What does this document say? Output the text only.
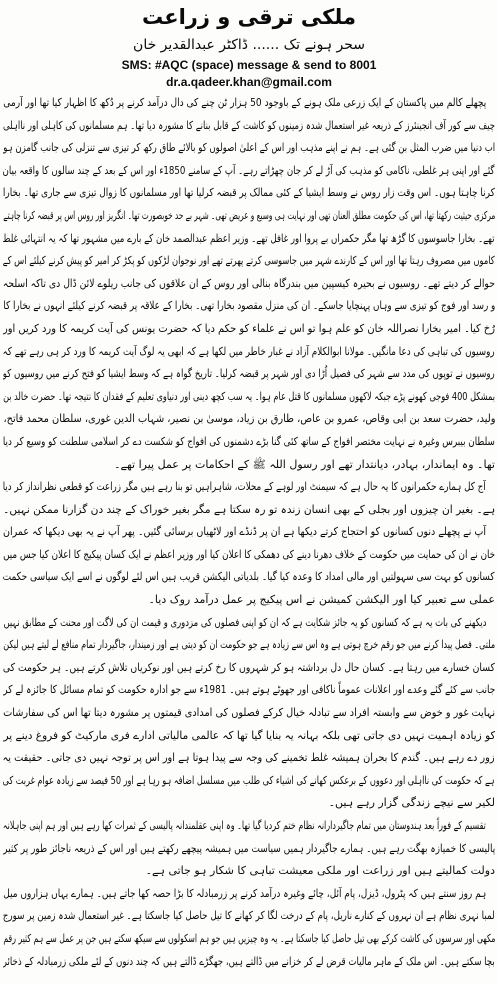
ملکی ترقی و زراعت
سحر ہونے تک ...... ڈاکٹر عبدالقدیر خان
SMS: #AQC (space) message & send to 8001
dr.a.qadeer.khan@gmail.com
پچھلے کالم میں پاکستان کے ایک زرعی ملک ہونے کے باوجود 50 ہزار ٹن چنے کی دال درآمد کرنے پر دُکھ کا اظہار کیا تھا اور آرمی
چیف سے کور آف انجینئرز کے ذریعہ غیر استعمال شدہ زمینوں کو کاشت کے قابل بنانے کا مشورہ دیا تھا۔ ہم مسلمانوں کی کاہلی اور نااہلی
اب دنیا میں ضرب المثل بن گئی ہے۔ ہم نے اپنے مذہب اور اس کے اعلیٰ اصولوں کو بالائے طاق رکھ کر تیزی سے تنزلی کی جانب گامزن ہو
گئے اور اپنی ہر غلطی، ناکامی کو مذہب کی آڑ لے کر جان چھڑاتے رہے۔ آپ کے سامنے 1850ء اور اس کے بعد کے چند سالوں کا واقعہ بیان
کرنا چاہتا ہوں۔ اس وقت زار روس نے وسط ایشیا کے کئی ممالک پر قبضہ کرلیا تھا اور مسلمانوں کا زوال تیزی سے جاری تھا۔ بخارا
مرکزی حیثیت رکھتا تھا، اس کی حکومت مطلق العنان تھی اور نہایت ہی وسیع و عریض تھی۔ شہر بے حد خوبصورت تھا۔ انگریز اور روس اس پر قبضہ کرنا چاہتے
تھے۔ بخارا جاسوسوں کا گڑھ تھا مگر حکمراں بے پروا اور غافل تھے۔ وزیر اعظم عبدالصمد خان کے بارے میں مشہور تھا کہ یہ انتہائی غلط
کاموں میں مصروف رہتا تھا اور اس کے کارندے شہر میں جاسوسی کرتے پھرتے تھے اور نوجوان لڑکوں کو پکڑ کر امیر کو پیش کرنے کیلئے اس کے
حوالے کر دیتے تھے۔ روسیوں نے بحیرہ کیسپین میں بندرگاہ بنالی اور روس کے ان علاقوں کی جانب ریلوے لائن ڈال دی تاکہ اسلحہ
و رسد اور فوج کو تیزی سے وہاں پہنچایا جاسکے۔ ان کی منزل مقصود بخارا تھی۔ بخارا کے علاقہ پر قبضہ کرنے کیلئے انہوں نے بخارا کا
رُخ کیا۔ امیر بخارا نصراللہ خان کو علم ہوا تو اس نے علماء کو حکم دیا کہ حضرت یونس کی آیت کریمہ کا ورد کریں اور
روسیوں کی تباہی کی دعا مانگیں۔ مولانا ابوالکلام آزاد نے غبار خاطر میں لکھا ہے کہ ابھی یہ لوگ آیت کریمہ کا ورد کر ہی رہے تھے کہ
روسیوں نے توپوں کی مدد سے شہر کی فصیل اُڑا دی اور شہر پر قبضہ کرلیا۔ تاریخ گواہ ہے کہ وسط ایشیا کو فتح کرنے میں روسیوں کو
بمشکل 400 فوجی کھونے پڑے جبکہ لاکھوں مسلمانوں کا قتل عام ہوا۔ یہ سب کچھ دینی اور دنیاوی تعلیم کے فقدان کا نتیجہ تھا۔ حضرت خالد بن
ولید، حضرت سعد بن ابی وقاص، عمرو بن عاص، طارق بن زیاد، موسیٰ بن نصیر، شہاب الدین غوری، سلطان محمد فاتح،
سلطان بیبرس وغیرہ نے نہایت مختصر افواج کے ساتھ کئی گنا بڑے دشمنوں کی افواج کو شکست دے کر اسلامی سلطنت کو وسیع کر دیا
تھا۔ وہ ایماندار، بہادر، دیانتدار تھے اور رسول اللہ ﷺ کے احکامات پر عمل پیرا تھے۔
آج کل ہمارے حکمرانوں کا یہ حال ہے کہ سیمنٹ اور لوہے کے محلات، شاہراہیں تو بنا رہے ہیں مگر زراعت کو قطعی نظرانداز کر دیا
ہے۔ بغیر ان چیزوں اور بجلی کے بھی انسان زندہ تو رہ سکتا ہے مگر بغیر خوراک کے چند دن گزارنا ممکن نہیں۔
آپ نے پچھلے دنوں کسانوں کو احتجاج کرتے دیکھا ہے ان پر ڈنڈے اور لاٹھیاں برسائی گئیں۔ پھر آپ نے یہ بھی دیکھا کہ عمران
خان نے ان کی حمایت میں حکومت کے خلاف دھرنا دینے کی دھمکی کا اعلان کیا اور وزیر اعظم نے ایک کسان پیکیج کا اعلان کیا جس میں
کسانوں کو بہت سی سہولتیں اور مالی امداد کا وعدہ کیا گیا۔ بلدیاتی الیکشن قریب ہیں اس لئے لوگوں نے اسے ایک سیاسی حکمت
عملی سے تعبیر کیا اور الیکشن کمیشن نے اس پیکیج پر عمل درآمد روک دیا۔
دیکھنے کی بات یہ ہے کہ کسانوں کو یہ جائز شکایت ہے کہ ان کو اپنی فصلوں کی مزدوری و قیمت ان کی لاگت اور محنت کے مطابق نہیں
ملتی۔ فصل پیدا کرنے میں جو رقم خرچ ہوتی ہے وہ اس سے زیادہ ہے جو حکومت ان کو دیتی ہے اور زمیندار، جاگیردار تمام منافع لے لیتے ہیں لیکن
کسان خسارے میں رہتا ہے۔ کسان حال دل برداشتہ ہو کر شہروں کا رخ کرتے ہیں اور نوکریاں تلاش کرتے ہیں۔ ہر حکومت کی
جانب سے کئے گئے وعدے اور اعلانات عموماً ناکافی اور جھوٹے ہوتے ہیں۔ 1981ء سے جو ادارہ حکومت کو تمام مسائل کا جائزہ لے کر
نہایت غور و خوض سے وابستہ افراد سے تبادلہ خیال کرکے فصلوں کی امدادی قیمتوں پر مشورہ دیتا تھا اس کی سفارشات
کو زیادہ اہمیت نہیں دی جاتی تھی بلکہ بہانہ یہ بنایا گیا تھا کہ عالمی مالیاتی ادارے فری مارکیٹ کو فروغ دینے پر
زور دے رہے ہیں۔ گندم کا بحران ہمیشہ غلط تخمینے کی وجہ سے پیدا ہوتا ہے اور اس پر توجہ نہیں دی جاتی۔ حقیقت یہ
ہے کہ حکومت کی نااہلی اور دعووں کے برعکس کھانے کی اشیاء کی طلب میں مسلسل اضافہ ہو رہا ہے اور 50 فیصد سے زیادہ عوام غربت کی
لکیر سے نیچے زندگی گزار رہے ہیں۔
تقسیم کے فوراً بعد ہندوستان میں تمام جاگیردارانہ نظام ختم کردیا گیا تھا۔ وہ اپنی عقلمندانہ پالیسی کے ثمرات کھا رہے ہیں اور ہم اپنی جاہلانہ
پالیسی کا خمیازہ بھگت رہے ہیں۔ ہمارے جاگیردار ہمیں سیاست میں ہمیشہ پیچھے رکھتے ہیں اور اس کے ذریعہ ناجائز طور پر کثیر
دولت کمالیتے ہیں اور زراعت اور ملکی معیشت تباہی کا شکار ہو جاتی ہے۔
ہم روز سنتے ہیں کہ پٹرول، ڈیزل، پام آئل، چائے وغیرہ درآمد کرنے پر زرمبادلہ کا بڑا حصہ کھا جاتے ہیں۔ ہمارے یہاں ہزاروں میل
لمبا نہری نظام ہے ان نہروں کے کنارے ناریل، پام کے درخت لگا کر کھانے کا تیل حاصل کیا جاسکتا ہے۔ غیر استعمال شدہ زمین پر سورج
مکھی اور سرسوں کی کاشت کرکے بھی تیل حاصل کیا جاسکتا ہے۔ یہ وہ چیزیں ہیں جو ہم اسکولوں سے سیکھ سکتے ہیں جن پر عمل سے ہم کثیر رقم
بچا سکتے ہیں۔ اس ملک کے ماہر مالیات قرض لے کر خزانے میں ڈالتے ہیں، جھگڑے ڈالتے ہیں کہ چند دنوں کے لئے ملکی زرمبادلہ کے ذخائر
